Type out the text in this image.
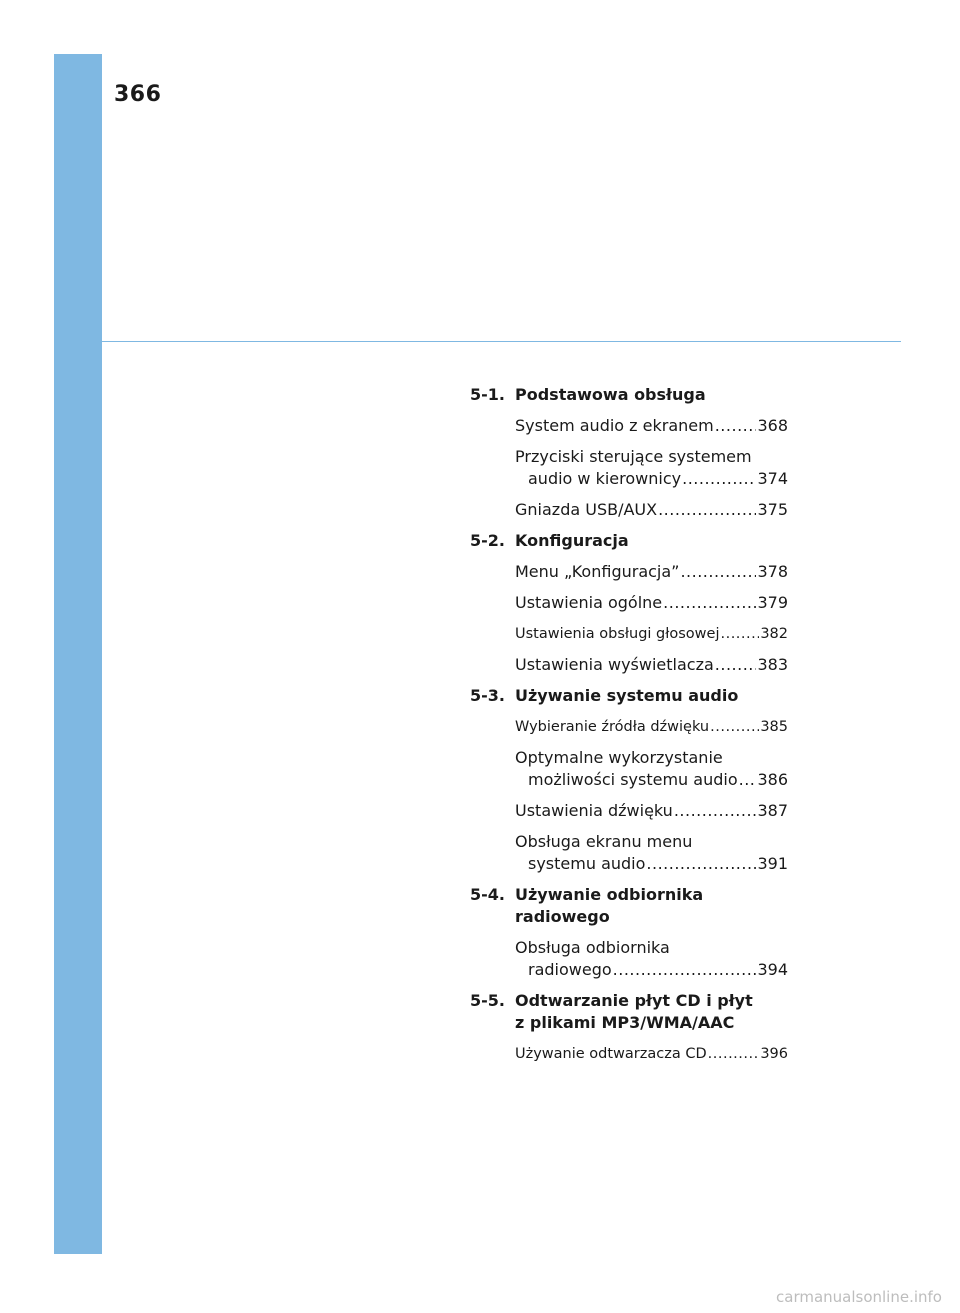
366
5-1. Podstawowa obsługa
System audio z ekranem .....	368
Przyciski sterujące systemem
audio w kierownicy .....	374
Gniazda USB/AUX .....	375
5-2. Konfiguracja
Menu „Konfiguracja” .....	378
Ustawienia ogólne .....	379
Ustawienia obsługi głosowej .....	382
Ustawienia wyświetlacza .....	383
5-3. Używanie systemu audio
Wybieranie źródła dźwięku .....	385
Optymalne wykorzystanie
możliwości systemu audio ..... 386
Ustawienia dźwięku .....	387
Obsługa ekranu menu
systemu audio .....	391
5-4. Używanie odbiornika radiowego
Obsługa odbiornika
radiowego .....	394
5-5. Odtwarzanie płyt CD i płyt
z plikami MP3/WMA/AAC
Używanie odtwarzacza CD .....	396
carmanualsonline.info
